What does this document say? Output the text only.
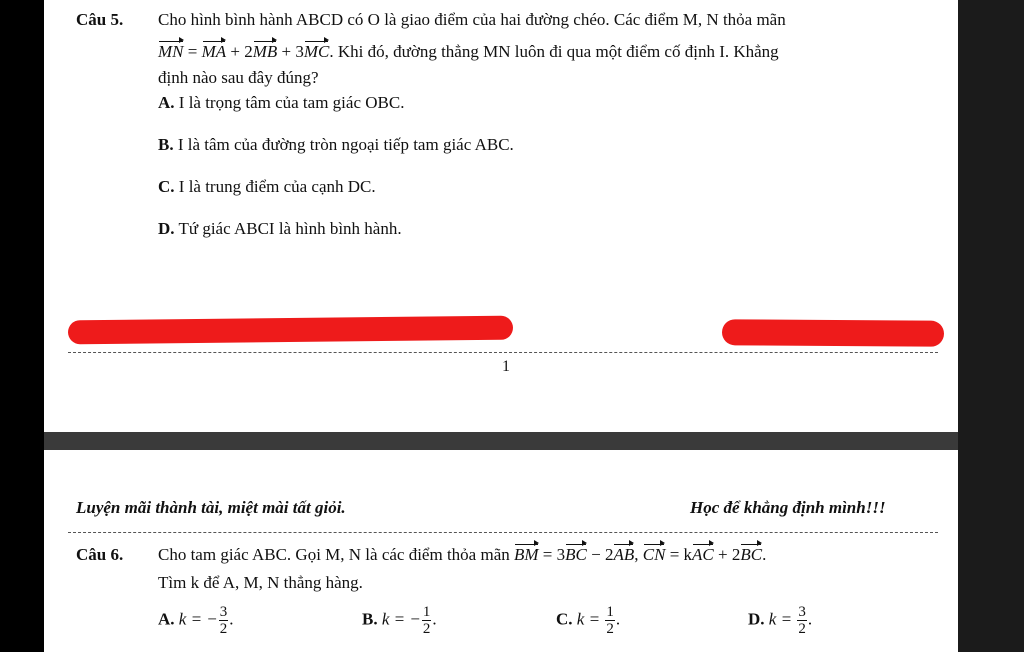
Câu 5. Cho hình bình hành ABCD có O là giao điểm của hai đường chéo. Các điểm M, N thỏa mãn
MN = MA + 2MB + 3MC. Khi đó, đường thẳng MN luôn đi qua một điểm cố định I. Khẳng
định nào sau đây đúng?
A. I là trọng tâm của tam giác OBC.
B. I là tâm của đường tròn ngoại tiếp tam giác ABC.
C. I là trung điểm của cạnh DC.
D. Tứ giác ABCI là hình bình hành.
1
Luyện mãi thành tài, miệt mài tất giỏi.	Học để khẳng định mình!!!
Câu 6. Cho tam giác ABC. Gọi M, N là các điểm thỏa mãn BM = 3BC − 2AB, CN = kAC + 2BC.
Tìm k để A, M, N thẳng hàng.
A. k = − $\frac{3}{2}$ .	B. k = − $\frac{1}{2}$ .	C. $k = \frac{1}{2}$ .	D. $k = \frac{3}{2}$ .
